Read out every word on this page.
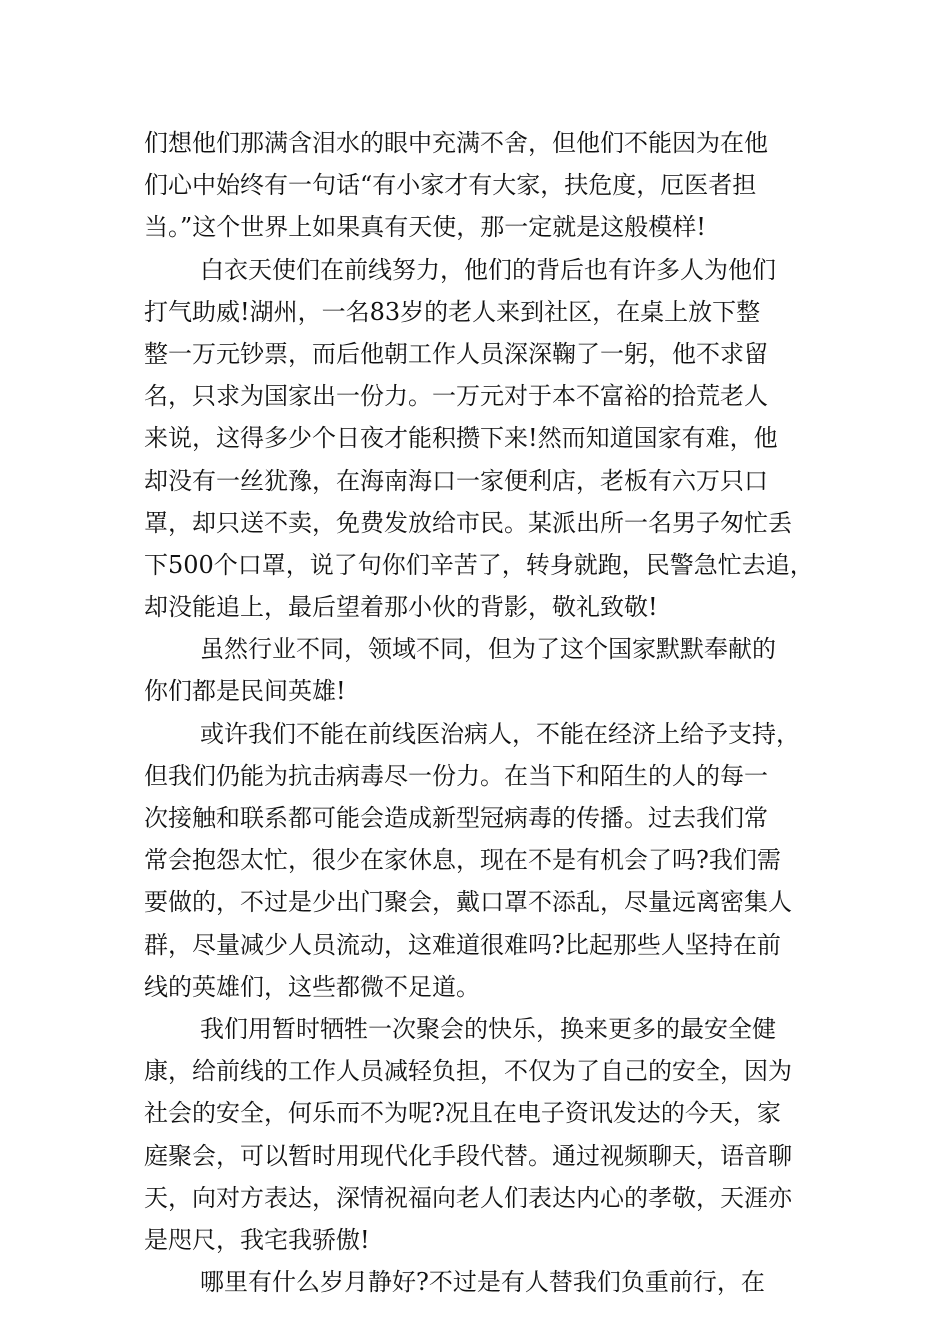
们想他们那满含泪水的眼中充满不舍，但他们不能因为在他
们心中始终有一句话“有小家才有大家，扶危度，厄医者担
当。”这个世界上如果真有天使，那一定就是这般模样!
白衣天使们在前线努力，他们的背后也有许多人为他们
打气助威!湖州，一名83岁的老人来到社区，在桌上放下整
整一万元钞票，而后他朝工作人员深深鞠了一躬，他不求留
名，只求为国家出一份力。一万元对于本不富裕的拾荒老人
来说，这得多少个日夜才能积攒下来!然而知道国家有难，他
却没有一丝犹豫，在海南海口一家便利店，老板有六万只口
罩，却只送不卖，免费发放给市民。某派出所一名男子匆忙丢
下500个口罩，说了句你们辛苦了，转身就跑，民警急忙去追，
却没能追上，最后望着那小伙的背影，敬礼致敬!
虽然行业不同，领域不同，但为了这个国家默默奉献的
你们都是民间英雄!
或许我们不能在前线医治病人，不能在经济上给予支持，
但我们仍能为抗击病毒尽一份力。在当下和陌生的人的每一
次接触和联系都可能会造成新型冠病毒的传播。过去我们常
常会抱怨太忙，很少在家休息，现在不是有机会了吗?我们需
要做的，不过是少出门聚会，戴口罩不添乱，尽量远离密集人
群，尽量减少人员流动，这难道很难吗?比起那些人坚持在前
线的英雄们，这些都微不足道。
我们用暂时牺牲一次聚会的快乐，换来更多的最安全健
康，给前线的工作人员减轻负担，不仅为了自己的安全，因为
社会的安全，何乐而不为呢?况且在电子资讯发达的今天，家
庭聚会，可以暂时用现代化手段代替。通过视频聊天，语音聊
天，向对方表达，深情祝福向老人们表达内心的孝敬，天涯亦
是咫尺，我宅我骄傲!
哪里有什么岁月静好?不过是有人替我们负重前行，在
